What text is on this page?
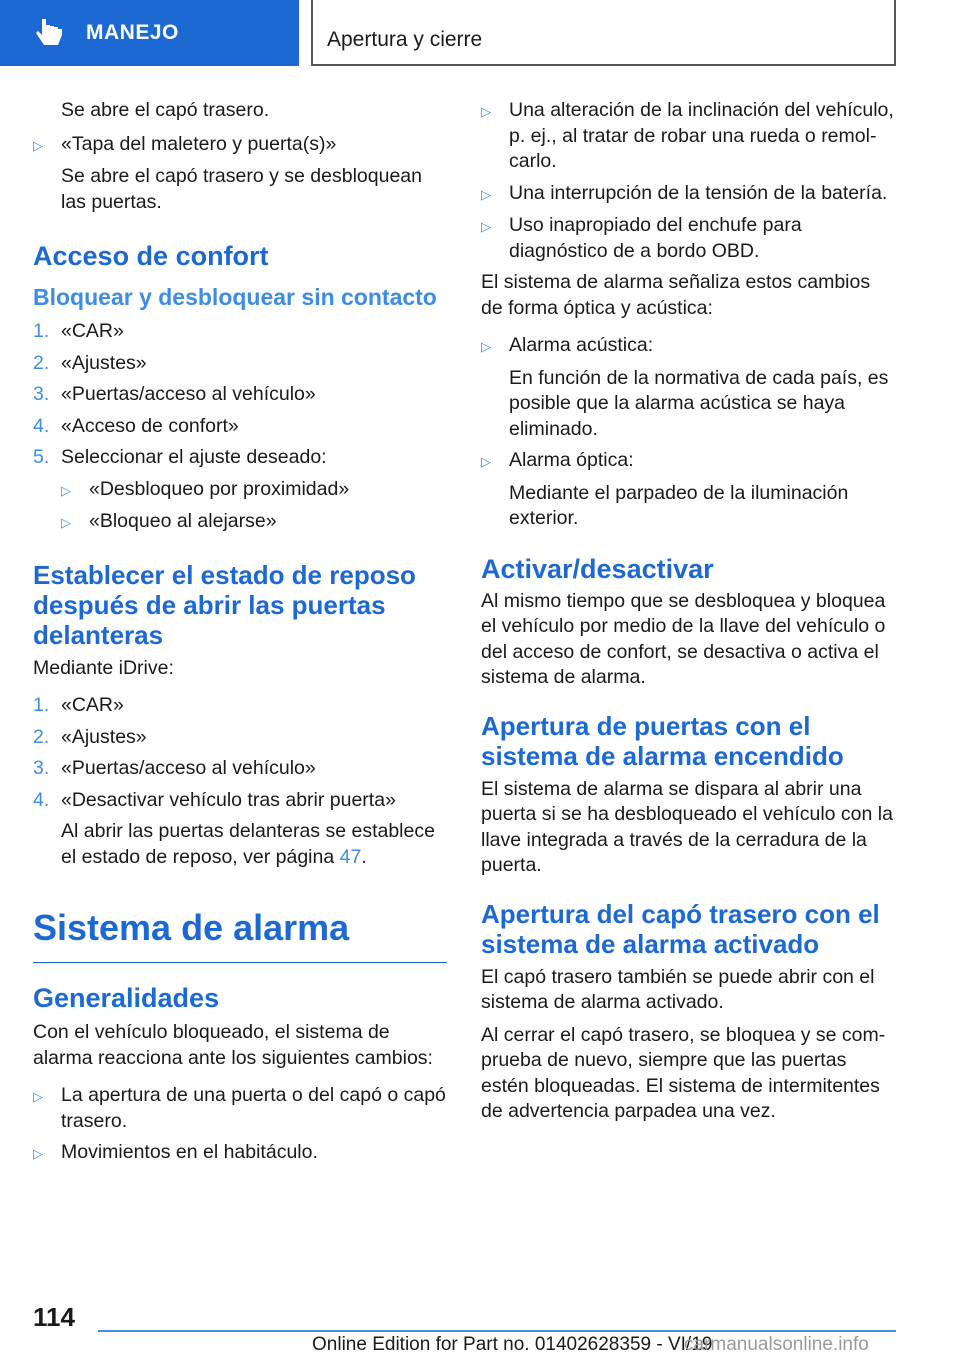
MANEJO	Apertura y cierre

Se abre el capó trasero.

▷ «Tapa del maletero y puerta(s)»

Se abre el capó trasero y se desbloquean las puertas.

Acceso de confort
Bloquear y desbloquear sin contacto
1. «CAR»
2. «Ajustes»
3. «Puertas/acceso al vehículo»
4. «Acceso de confort»
5. Seleccionar el ajuste deseado:
▷ «Desbloqueo por proximidad»
▷ «Bloqueo al alejarse»
Establecer el estado de reposo después de abrir las puertas delanteras

Mediante iDrive:

1. «CAR»
2. «Ajustes»
3. «Puertas/acceso al vehículo»
4. «Desactivar vehículo tras abrir puerta»

Al abrir las puertas delanteras se establece el estado de reposo, ver página 47.

Sistema de alarma
Generalidades

Con el vehículo bloqueado, el sistema de alarma reacciona ante los siguientes cambios:

▷ La apertura de una puerta o del capó o capó trasero.
▷ Movimientos en el habitáculo.
▷ Una alteración de la inclinación del vehículo, p. ej., al tratar de robar una rueda o remolcarlo.
▷ Una interrupción de la tensión de la batería.
▷ Uso inapropiado del enchufe para diagnóstico de a bordo OBD.

El sistema de alarma señaliza estos cambios de forma óptica y acústica:

▷ Alarma acústica:

En función de la normativa de cada país, es posible que la alarma acústica se haya eliminado.

▷ Alarma óptica:

Mediante el parpadeo de la iluminación exterior.

Activar/desactivar

Al mismo tiempo que se desbloquea y bloquea el vehículo por medio de la llave del vehículo o del acceso de confort, se desactiva o activa el sistema de alarma.

Apertura de puertas con el sistema de alarma encendido

El sistema de alarma se dispara al abrir una puerta si se ha desbloqueado el vehículo con la llave integrada a través de la cerradura de la puerta.

Apertura del capó trasero con el sistema de alarma activado

El capó trasero también se puede abrir con el sistema de alarma activado.

Al cerrar el capó trasero, se bloquea y se comprueba de nuevo, siempre que las puertas estén bloqueadas. El sistema de intermitentes de advertencia parpadea una vez.

114
Online Edition for Part no. 01402628359 - VI/19
carmanualsonline.info
